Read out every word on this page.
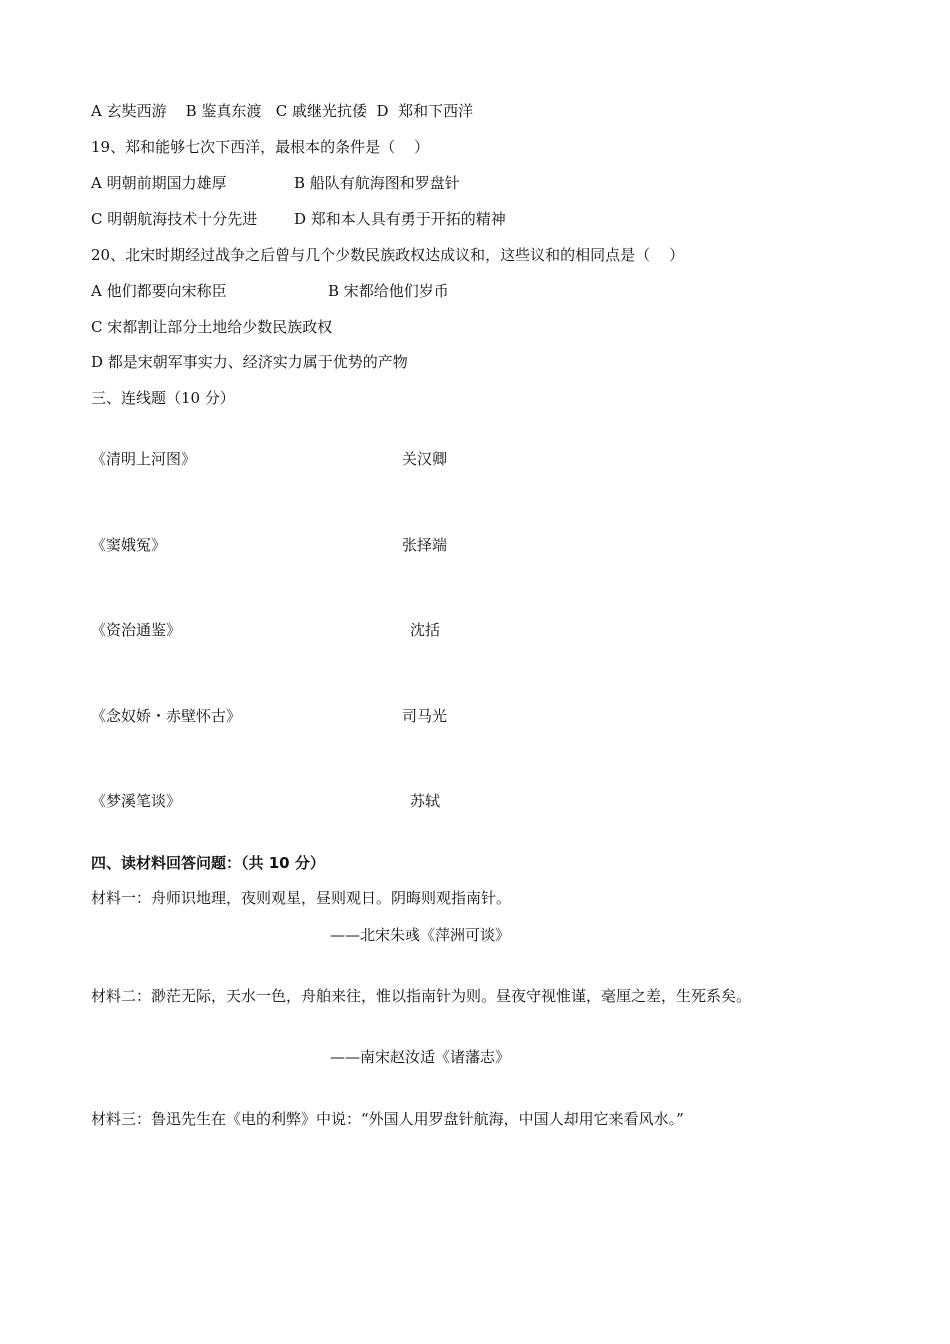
A 玄奘西游    B 鉴真东渡   C 戚继光抗倭  D  郑和下西洋
19、郑和能够七次下西洋，最根本的条件是（    ）
A 明朝前期国力雄厚	B 船队有航海图和罗盘针
C 明朝航海技术十分先进 D 郑和本人具有勇于开拓的精神
20、北宋时期经过战争之后曾与几个少数民族政权达成议和，这些议和的相同点是（    ）
A 他们都要向宋称臣	B 宋都给他们岁币
C 宋都割让部分土地给少数民族政权
D 都是宋朝军事实力、经济实力属于优势的产物
三、连线题（10 分）
《清明上河图》	关汉卿
《窦娥冤》	张择端
《资治通鉴》	沈括
《念奴娇・赤壁怀古》	司马光
《梦溪笔谈》	苏轼
四、读材料回答问题：（共 10 分）
材料一：舟师识地理，夜则观星，昼则观日。阴晦则观指南针。
——北宋朱彧《萍洲可谈》
材料二：渺茫无际，天水一色，舟舶来往，惟以指南针为则。昼夜守视惟谨，毫厘之差，生死系矣。
——南宋赵汝适《诸藩志》
材料三：鲁迅先生在《电的利弊》中说：“外国人用罗盘针航海，中国人却用它来看风水。”
